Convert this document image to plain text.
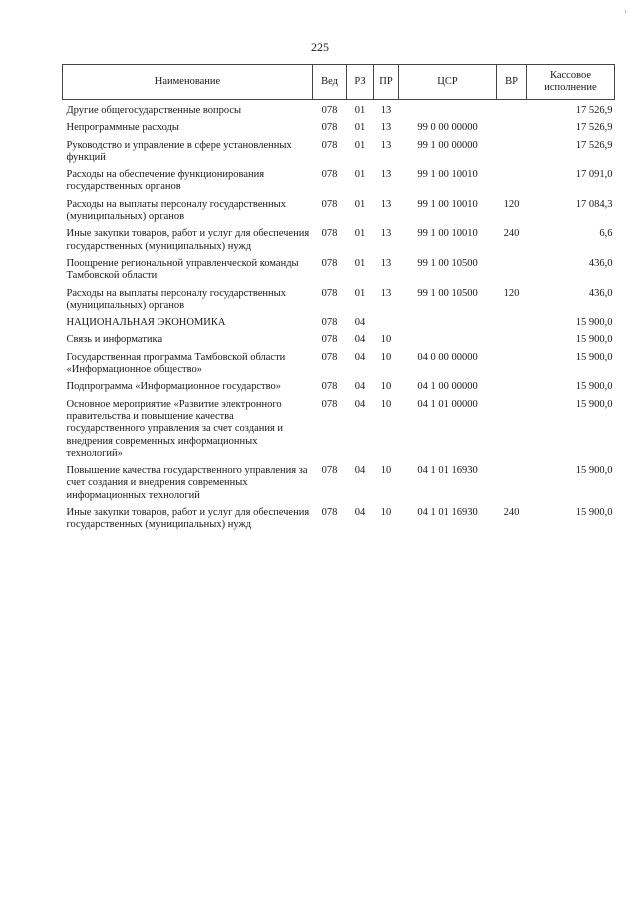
225
Наименование	Вед	РЗ	ПР	ЦСР	ВР	Кассовое исполнение
Другие общегосударственные вопросы	078	01	13			17 526,9
Непрограммные расходы	078	01	13	99 0 00 00000		17 526,9
Руководство и управление в сфере установленных функций	078	01	13	99 1 00 00000		17 526,9
Расходы на обеспечение функционирования государственных органов	078	01	13	99 1 00 10010		17 091,0
Расходы на выплаты персоналу государственных (муниципальных) органов	078	01	13	99 1 00 10010	120	17 084,3
Иные закупки товаров, работ и услуг для обеспечения государственных (муниципальных) нужд	078	01	13	99 1 00 10010	240	6,6
Поощрение региональной управленческой команды Тамбовской области	078	01	13	99 1 00 10500		436,0
Расходы на выплаты персоналу государственных (муниципальных) органов	078	01	13	99 1 00 10500	120	436,0
НАЦИОНАЛЬНАЯ ЭКОНОМИКА	078	04				15 900,0
Связь и информатика	078	04	10			15 900,0
Государственная программа Тамбовской области «Информационное общество»	078	04	10	04 0 00 00000		15 900,0
Подпрограмма «Информационное государство»	078	04	10	04 1 00 00000		15 900,0
Основное мероприятие «Развитие электронного правительства и повышение качества государственного управления за счет создания и внедрения современных информационных технологий»	078	04	10	04 1 01 00000		15 900,0
Повышение качества государственного управления за счет создания и внедрения современных информационных технологий	078	04	10	04 1 01 16930		15 900,0
Иные закупки товаров, работ и услуг для обеспечения государственных (муниципальных) нужд	078	04	10	04 1 01 16930	240	15 900,0
